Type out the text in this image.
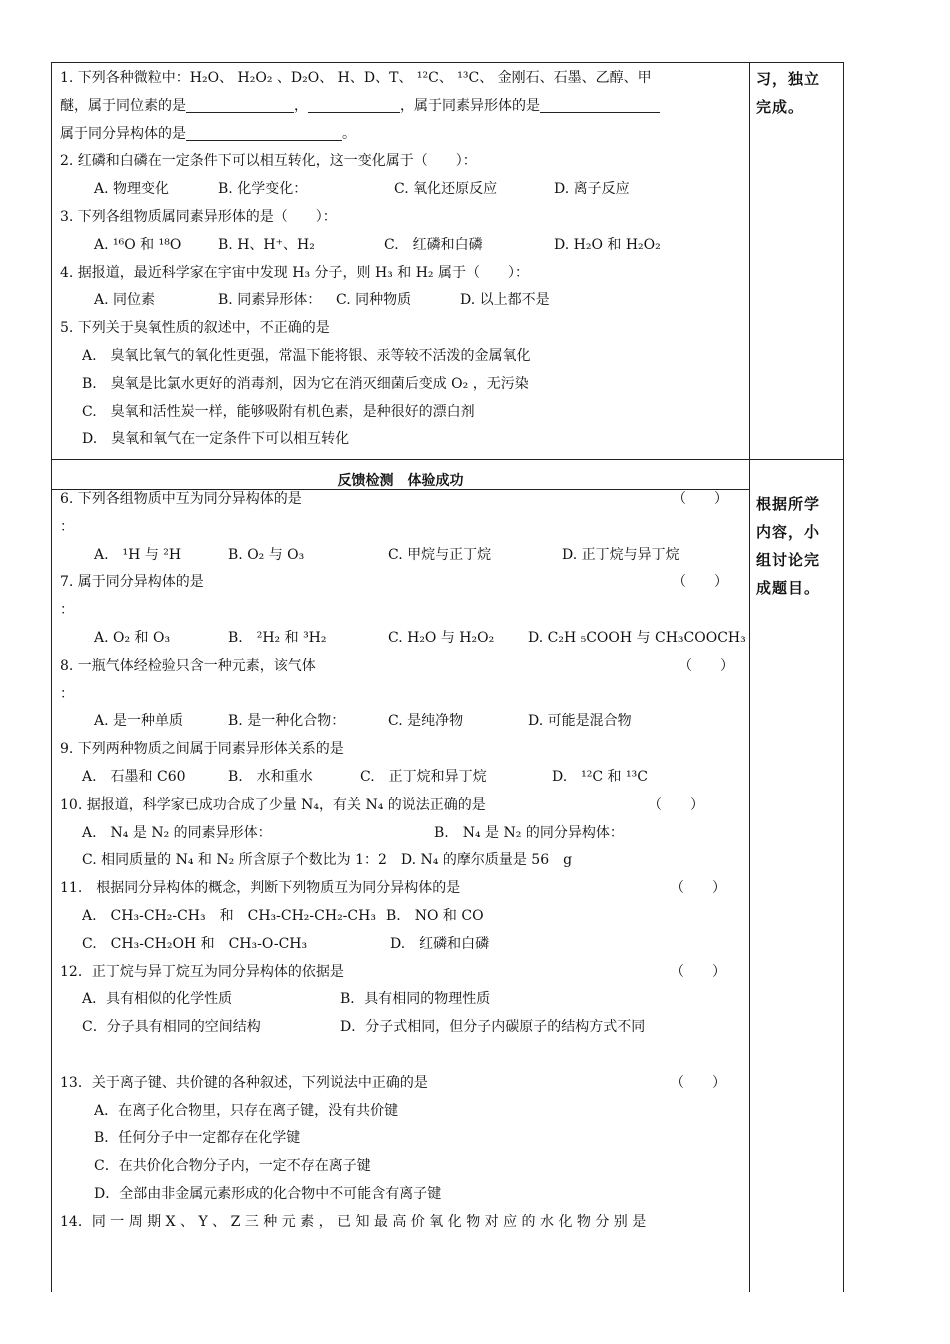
1. 下列各种微粒中：H₂O、 H₂O₂ 、D₂O、 H、D、T、 ¹²C、 ¹³C、 金刚石、石墨、乙醇、甲
醚，属于同位素的是	，	，属于同素异形体的是
属于同分异构体的是	。
2. 红磷和白磷在一定条件下可以相互转化，这一变化属于（　　）：
A. 物理变化	B. 化学变化：	C. 氧化还原反应	D. 离子反应
3. 下列各组物质属同素异形体的是（　　）：
A. ¹⁶O 和 ¹⁸O	B. H、H⁺、H₂	C.　红磷和白磷	D. H₂O 和 H₂O₂
4. 据报道，最近科学家在宇宙中发现 H₃ 分子，则 H₃ 和 H₂ 属于（　　）：
A. 同位素	B. 同素异形体： C. 同种物质	D. 以上都不是
5. 下列关于臭氧性质的叙述中，不正确的是
A.　臭氧比氧气的氧化性更强，常温下能将银、汞等较不活泼的金属氧化
B.　臭氧是比氯水更好的消毒剂，因为它在消灭细菌后变成 O₂ ，无污染
C.　臭氧和活性炭一样，能够吸附有机色素，是种很好的漂白剂
D.　臭氧和氧气在一定条件下可以相互转化
习，独立
完成。
反馈检测　体验成功
6. 下列各组物质中互为同分异构体的是	（　　）
：
A.　¹H 与 ²H	B. O₂ 与 O₃	C. 甲烷与正丁烷	D. 正丁烷与异丁烷
7. 属于同分异构体的是	（　　）
：
A. O₂ 和 O₃	B.　²H₂ 和 ³H₂	C. H₂O 与 H₂O₂ D. C₂H ₅COOH 与 CH₃COOCH₃
8. 一瓶气体经检验只含一种元素，该气体	（　　）
：
A. 是一种单质	B. 是一种化合物：	C. 是纯净物	D. 可能是混合物
9. 下列两种物质之间属于同素异形体关系的是
A.　石墨和 C60	B.　水和重水	C.　正丁烷和异丁烷	D.　¹²C 和 ¹³C
10. 据报道，科学家已成功合成了少量 N₄，有关 N₄ 的说法正确的是	（　　）
A.　N₄ 是 N₂ 的同素异形体：	B.　N₄ 是 N₂ 的同分异构体：
C. 相同质量的 N₄ 和 N₂ 所含原子个数比为 1：2　D. N₄ 的摩尔质量是 56　g
11.　根据同分异构体的概念，判断下列物质互为同分异构体的是	（　　）
A.　CH₃-CH₂-CH₃　和　CH₃-CH₂-CH₂-CH₃ B.　NO 和 CO
C.　CH₃-CH₂OH 和　CH₃-O-CH₃	D.　红磷和白磷
12．正丁烷与异丁烷互为同分异构体的依据是	（　　）
A．具有相似的化学性质	B．具有相同的物理性质
C．分子具有相同的空间结构	D．分子式相同，但分子内碳原子的结构方式不同
13．关于离子键、共价键的各种叙述，下列说法中正确的是	（　　）
A．在离子化合物里，只存在离子键，没有共价键
B．任何分子中一定都存在化学键
C．在共价化合物分子内，一定不存在离子键
D．全部由非金属元素形成的化合物中不可能含有离子键
14．同 一 周 期 X 、 Y 、 Z 三 种 元 素 ， 已 知 最 高 价 氧 化 物 对 应 的 水 化 物 分 别 是
根据所学
内容，小
组讨论完
成题目。
